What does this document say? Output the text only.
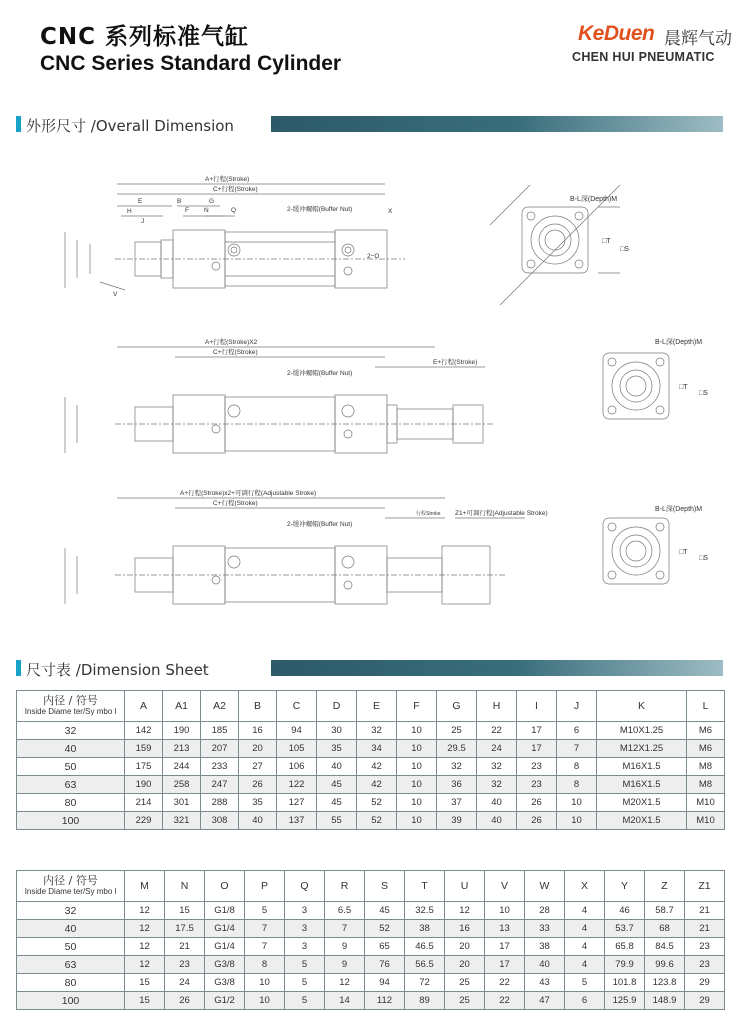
CNC 系列标准气缸
CNC Series Standard Cylinder
KeDuen 晨辉气动
CHEN HUI PNEUMATIC
外形尺寸 /Overall Dimension
A+行程(Stroke)
C+行程(Stroke)
2-缓冲螺帽(Buffer Nut)
E	B	G
F N	Q
H
J
X
2−O
V
B-L深(Depth)M
□T
□S
A+行程(Stroke)X2
C+行程(Stroke)
E+行程(Stroke)
2-缓冲螺帽(Buffer Nut)
B-L深(Depth)M
□T
□S
A+行程(Stroke)x2+可调行程(Adjustable Stroke)
C+行程(Stroke)
行程Stroke Z1+可调行程(Adjustable Stroke)
2-缓冲螺帽(Buffer Nut)
B-L深(Depth)M
□T
□S
尺寸表 /Dimension Sheet
内径 / 符号
Inside Diame ter/Sy mbo l	A	A1	A2	B	C	D	E	F	G	H	I	J	K	L
32	142	190	185	16	94	30	32	10	25	22	17	6	M10X1.25	M6
40	159	213	207	20	105	35	34	10	29.5	24	17	7	M12X1.25	M6
50	175	244	233	27	106	40	42	10	32	32	23	8	M16X1.5	M8
63	190	258	247	26	122	45	42	10	36	32	23	8	M16X1.5	M8
80	214	301	288	35	127	45	52	10	37	40	26	10	M20X1.5	M10
100	229	321	308	40	137	55	52	10	39	40	26	10	M20X1.5	M10
内径 / 符号
Inside Diame ter/Sy mbo l	M	N	O	P	Q	R	S	T	U	V	W	X	Y	Z	Z1
32	12	15	G1/8	5	3	6.5	45	32.5	12	10	28	4	46	58.7	21
40	12	17.5	G1/4	7	3	7	52	38	16	13	33	4	53.7	68	21
50	12	21	G1/4	7	3	9	65	46.5	20	17	38	4	65.8	84.5	23
63	12	23	G3/8	8	5	9	76	56.5	20	17	40	4	79.9	99.6	23
80	15	24	G3/8	10	5	12	94	72	25	22	43	5	101.8	123.8	29
100	15	26	G1/2	10	5	14	112	89	25	22	47	6	125.9	148.9	29
